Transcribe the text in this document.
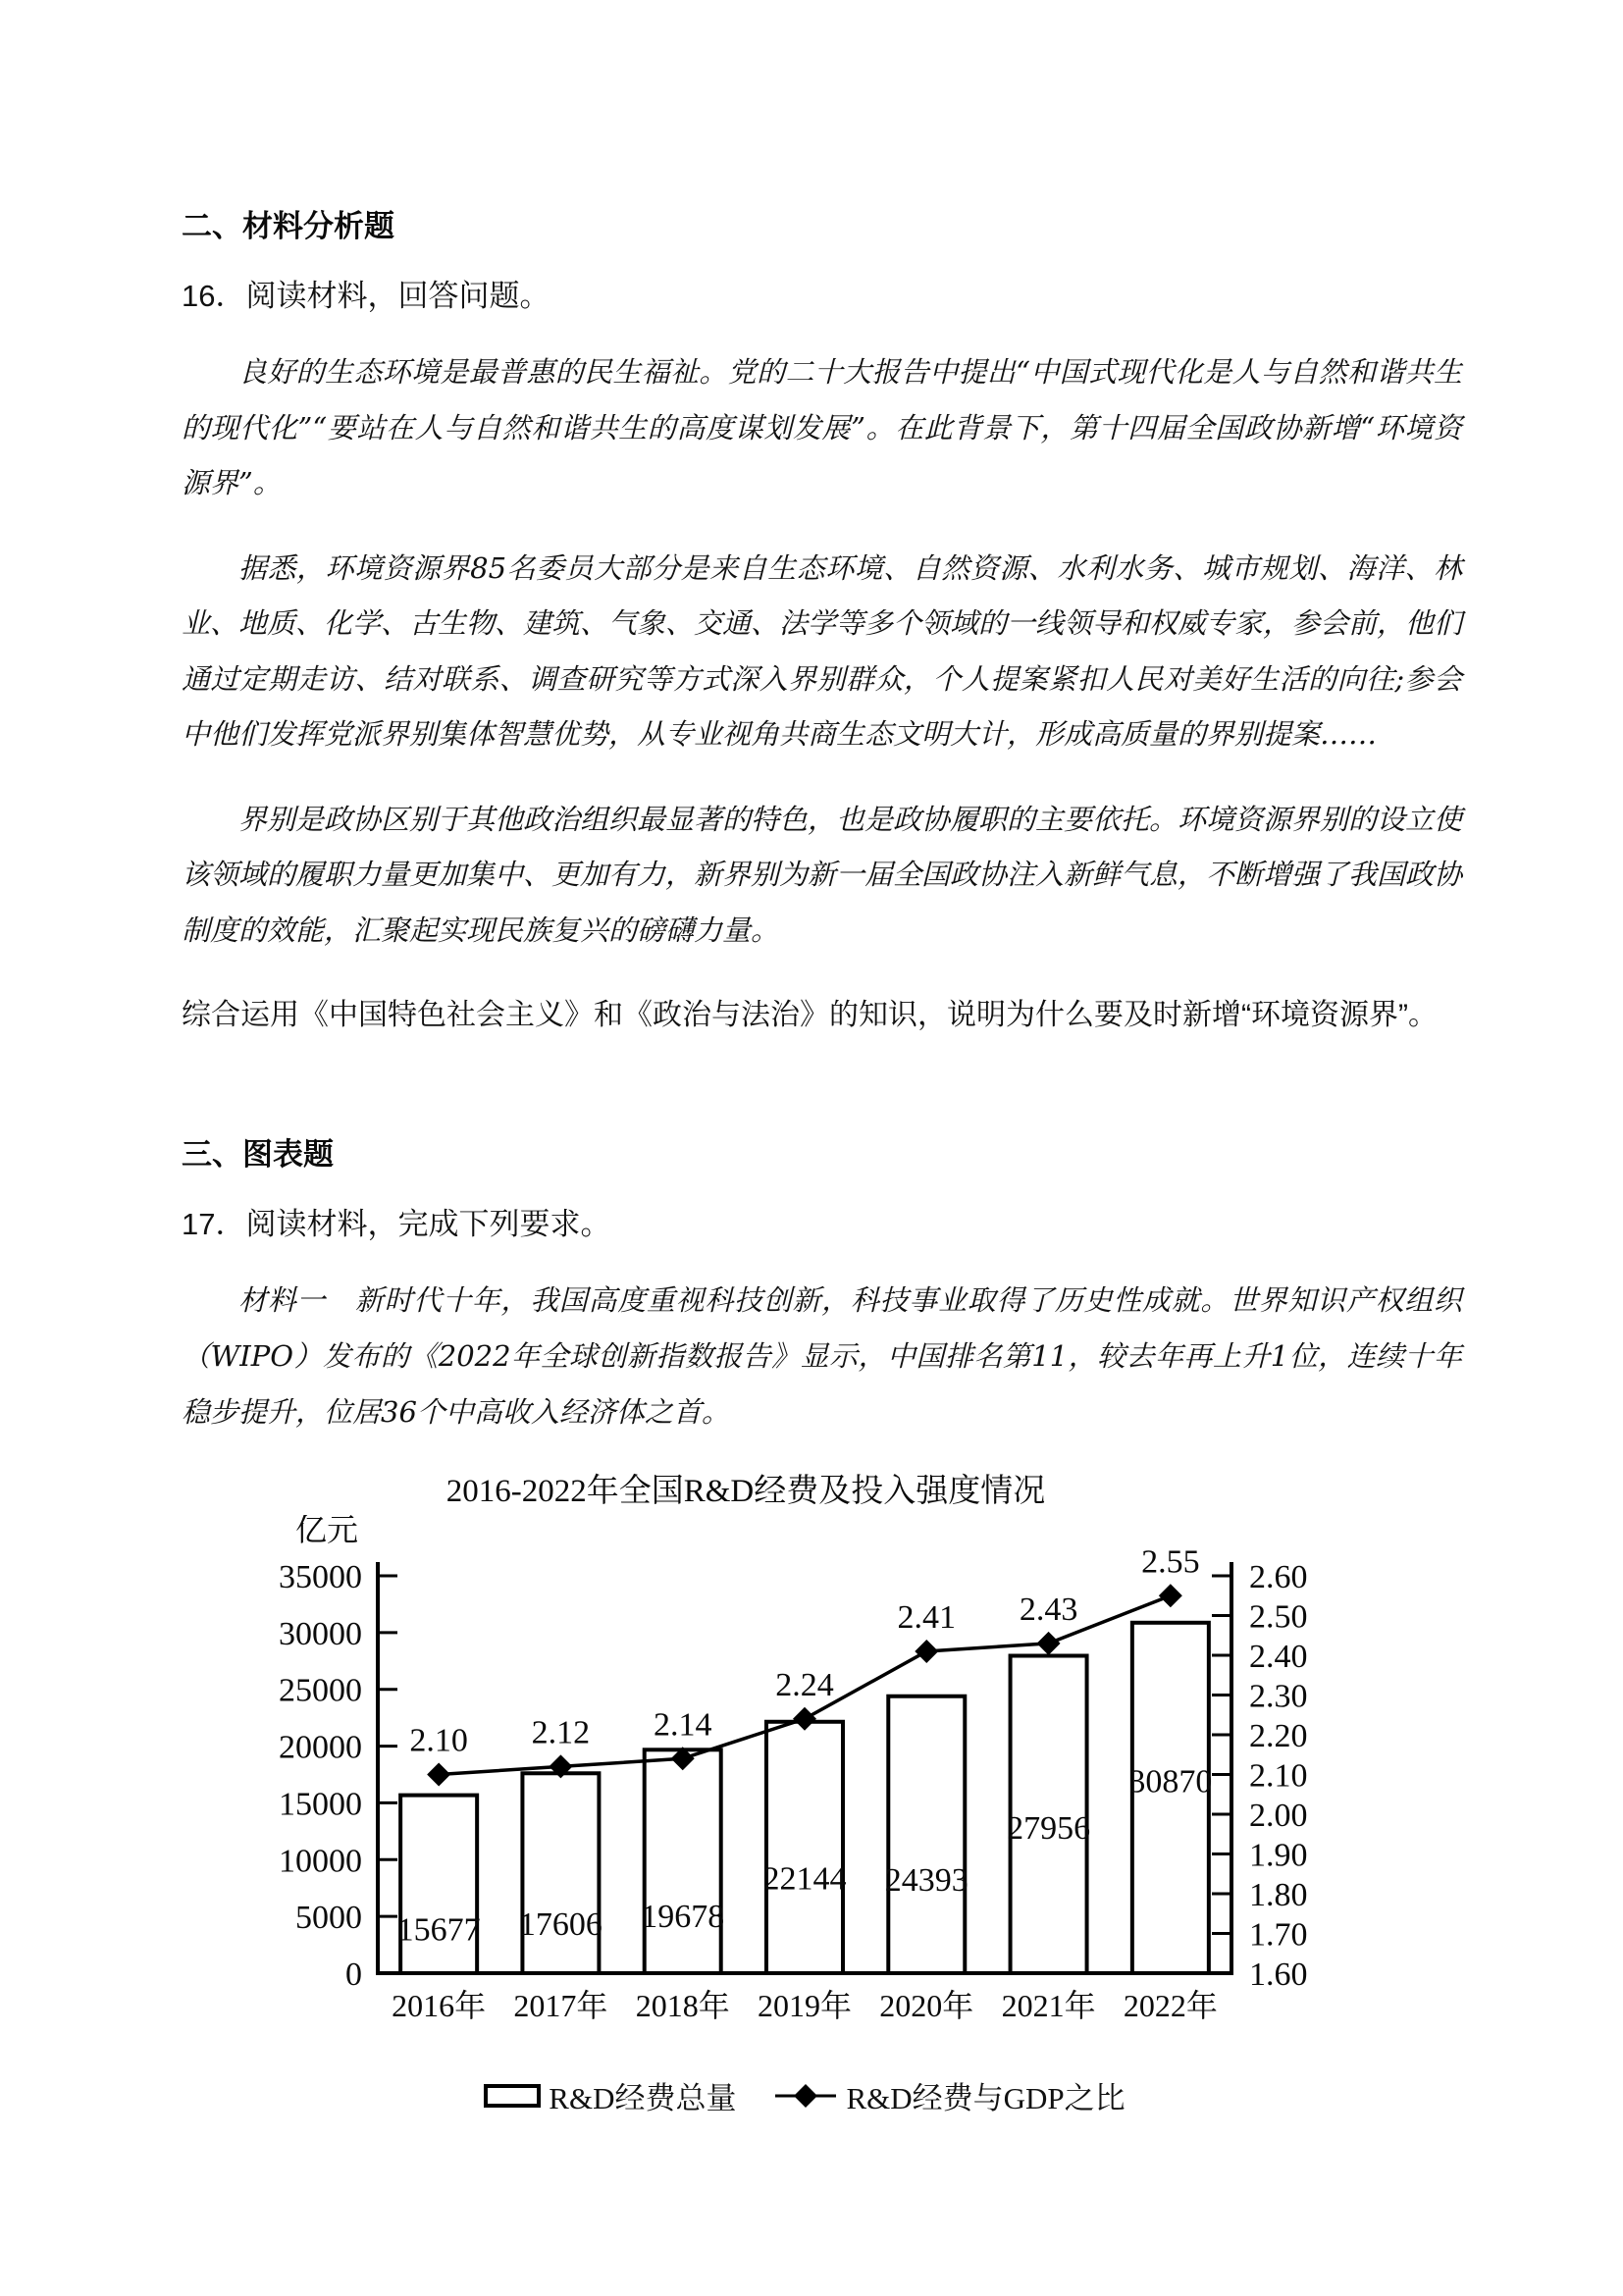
二、材料分析题
16．阅读材料，回答问题。

良好的生态环境是最普惠的民生福祉。党的二十大报告中提出“中国式现代化是人与自然和谐共生的现代化”“要站在人与自然和谐共生的高度谋划发展”。在此背景下，第十四届全国政协新增“环境资源界”。

据悉，环境资源界85名委员大部分是来自生态环境、自然资源、水利水务、城市规划、海洋、林业、地质、化学、古生物、建筑、气象、交通、法学等多个领域的一线领导和权威专家，参会前，他们通过定期走访、结对联系、调查研究等方式深入界别群众，个人提案紧扣人民对美好生活的向往;参会中他们发挥党派界别集体智慧优势，从专业视角共商生态文明大计，形成高质量的界别提案……

界别是政协区别于其他政治组织最显著的特色，也是政协履职的主要依托。环境资源界别的设立使该领域的履职力量更加集中、更加有力，新界别为新一届全国政协注入新鲜气息，不断增强了我国政协制度的效能，汇聚起实现民族复兴的磅礴力量。

综合运用《中国特色社会主义》和《政治与法治》的知识，说明为什么要及时新增“环境资源界”。

三、图表题
17．阅读材料，完成下列要求。

材料一　新时代十年，我国高度重视科技创新，科技事业取得了历史性成就。世界知识产权组织（WIPO）发布的《2022年全球创新指数报告》显示，中国排名第11，较去年再上升1位，连续十年稳步提升，位居36个中高收入经济体之首。

2016-2022年全国R&D经费及投入强度情况
亿元
0
5000
10000
15000
20000
25000
30000
35000
1.60
1.70
1.80
1.90
2.00
2.10
2.20
2.30
2.40
2.50
2.60
15677 17606 19678
22144 24393
27956
30870
2.10 2.12 2.14
2.24
2.41 2.43
2.55
2016年 2017年 2018年 2019年 2020年 2021年 2022年
R&D经费总量	R&D经费与GDP之比
